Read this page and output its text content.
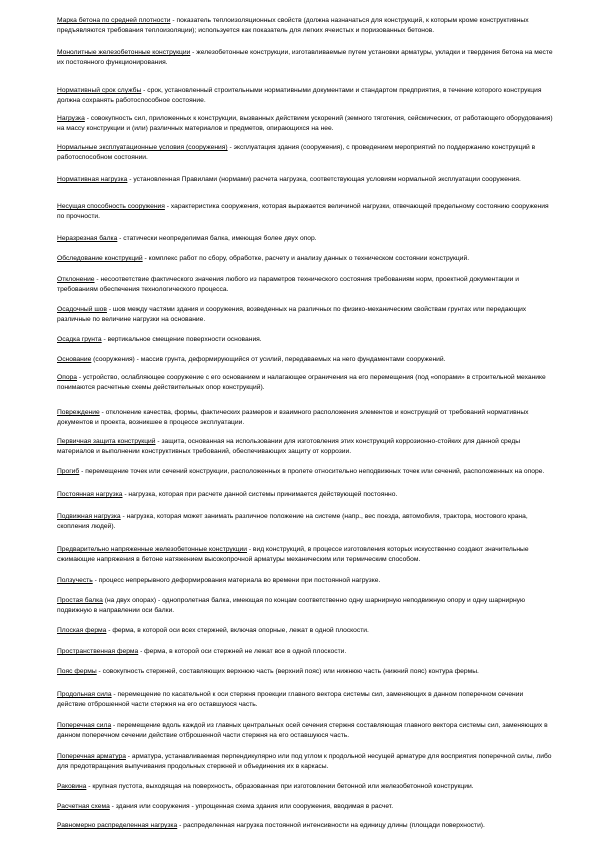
Марка бетона по средней плотности - показатель теплоизоляционных свойств (должна назначаться для конструкций, к которым кроме конструктивных предъявляются требования теплоизоляции); используется как показатель для легких ячеистых и поризованных бетонов.
Монолитные железобетонные конструкции - железобетонные конструкции, изготавливаемые путем установки арматуры, укладки и твердения бетона на месте их постоянного функционирования.
Нормативный срок службы - срок, установленный строительными нормативными документами и стандартом предприятия, в течение которого конструкция должна сохранять работоспособное состояние.
Нагрузка - совокупность сил, приложенных к конструкции, вызванных действием ускорений (земного тяготения, сейсмических, от работающего оборудования) на массу конструкции и (или) различных материалов и предметов, опирающихся на нее.
Нормальные эксплуатационные условия (сооружения) - эксплуатация здания (сооружения), с проведением мероприятий по поддержанию конструкций в работоспособном состоянии.
Нормативная нагрузка - установленная Правилами (нормами) расчета нагрузка, соответствующая условиям нормальной эксплуатации сооружения.
Несущая способность сооружения - характеристика сооружения, которая выражается величиной нагрузки, отвечающей предельному состоянию сооружения по прочности.
Неразрезная балка - статически неопределимая балка, имеющая более двух опор.
Обследование конструкций - комплекс работ по сбору, обработке, расчету и анализу данных о техническом состоянии конструкций.
Отклонение - несоответствие фактического значения любого из параметров технического состояния требованиям норм, проектной документации и требованиям обеспечения технологического процесса.
Осадочный шов - шов между частями здания и сооружения, возведенных на различных по физико-механическим свойствам грунтах или передающих различные по величине нагрузки на основание.
Осадка грунта - вертикальное смещение поверхности основания.
Основание (сооружения) - массив грунта, деформирующийся от усилий, передаваемых на него фундаментами сооружений.
Опора - устройство, ослабляющее сооружение с его основанием и налагающее ограничения на его перемещения (под «опорами» в строительной механике понимаются расчетные схемы действительных опор конструкций).
Повреждение - отклонение качества, формы, фактических размеров и взаимного расположения элементов и конструкций от требований нормативных документов и проекта, возникшее в процессе эксплуатации.
Первичная защита конструкций - защита, основанная на использовании для изготовления этих конструкций коррозионно-стойких для данной среды материалов и выполнении конструктивных требований, обеспечивающих защиту от коррозии.
Прогиб - перемещение точек или сечений конструкции, расположенных в пролете относительно неподвижных точек или сечений, расположенных на опоре.
Постоянная нагрузка - нагрузка, которая при расчете данной системы принимается действующей постоянно.
Подвижная нагрузка - нагрузка, которая может занимать различное положение на системе (напр., вес поезда, автомобиля, трактора, мостового крана, скопления людей).
Предварительно напряженные железобетонные конструкции - вид конструкций, в процессе изготовления которых искусственно создают значительные сжимающие напряжения в бетоне натяжением высокопрочной арматуры механическим или термическим способом.
Ползучесть - процесс непрерывного деформирования материала во времени при постоянной нагрузке.
Простая балка (на двух опорах) - однопролетная балка, имеющая по концам соответственно одну шарнирную неподвижную опору и одну шарнирную подвижную в направлении оси балки.
Плоская ферма - ферма, в которой оси всех стержней, включая опорные, лежат в одной плоскости.
Пространственная ферма - ферма, в которой оси стержней не лежат все в одной плоскости.
Пояс фермы - совокупность стержней, составляющих верхнюю часть (верхний пояс) или нижнюю часть (нижний пояс) контура фермы.
Продольная сила - перемещение по касательной к оси стержня проекции главного вектора системы сил, заменяющих в данном поперечном сечении действие отброшенной части стержня на его оставшуюся часть.
Поперечная сила - перемещение вдоль каждой из главных центральных осей сечения стержня составляющая главного вектора системы сил, заменяющих в данном поперечном сечении действие отброшенной части стержня на его оставшуюся часть.
Поперечная арматура - арматура, устанавливаемая перпендикулярно или под углом к продольной несущей арматуре для восприятия поперечной силы, либо для предотвращения выпучивания продольных стержней и объединения их в каркасы.
Раковина - крупная пустота, выходящая на поверхность, образованная при изготовлении бетонной или железобетонной конструкции.
Расчетная схема - здания или сооружения - упрощенная схема здания или сооружения, вводимая в расчет.
Равномерно распределенная нагрузка - распределенная нагрузка постоянной интенсивности на единицу длины (площади поверхности).
